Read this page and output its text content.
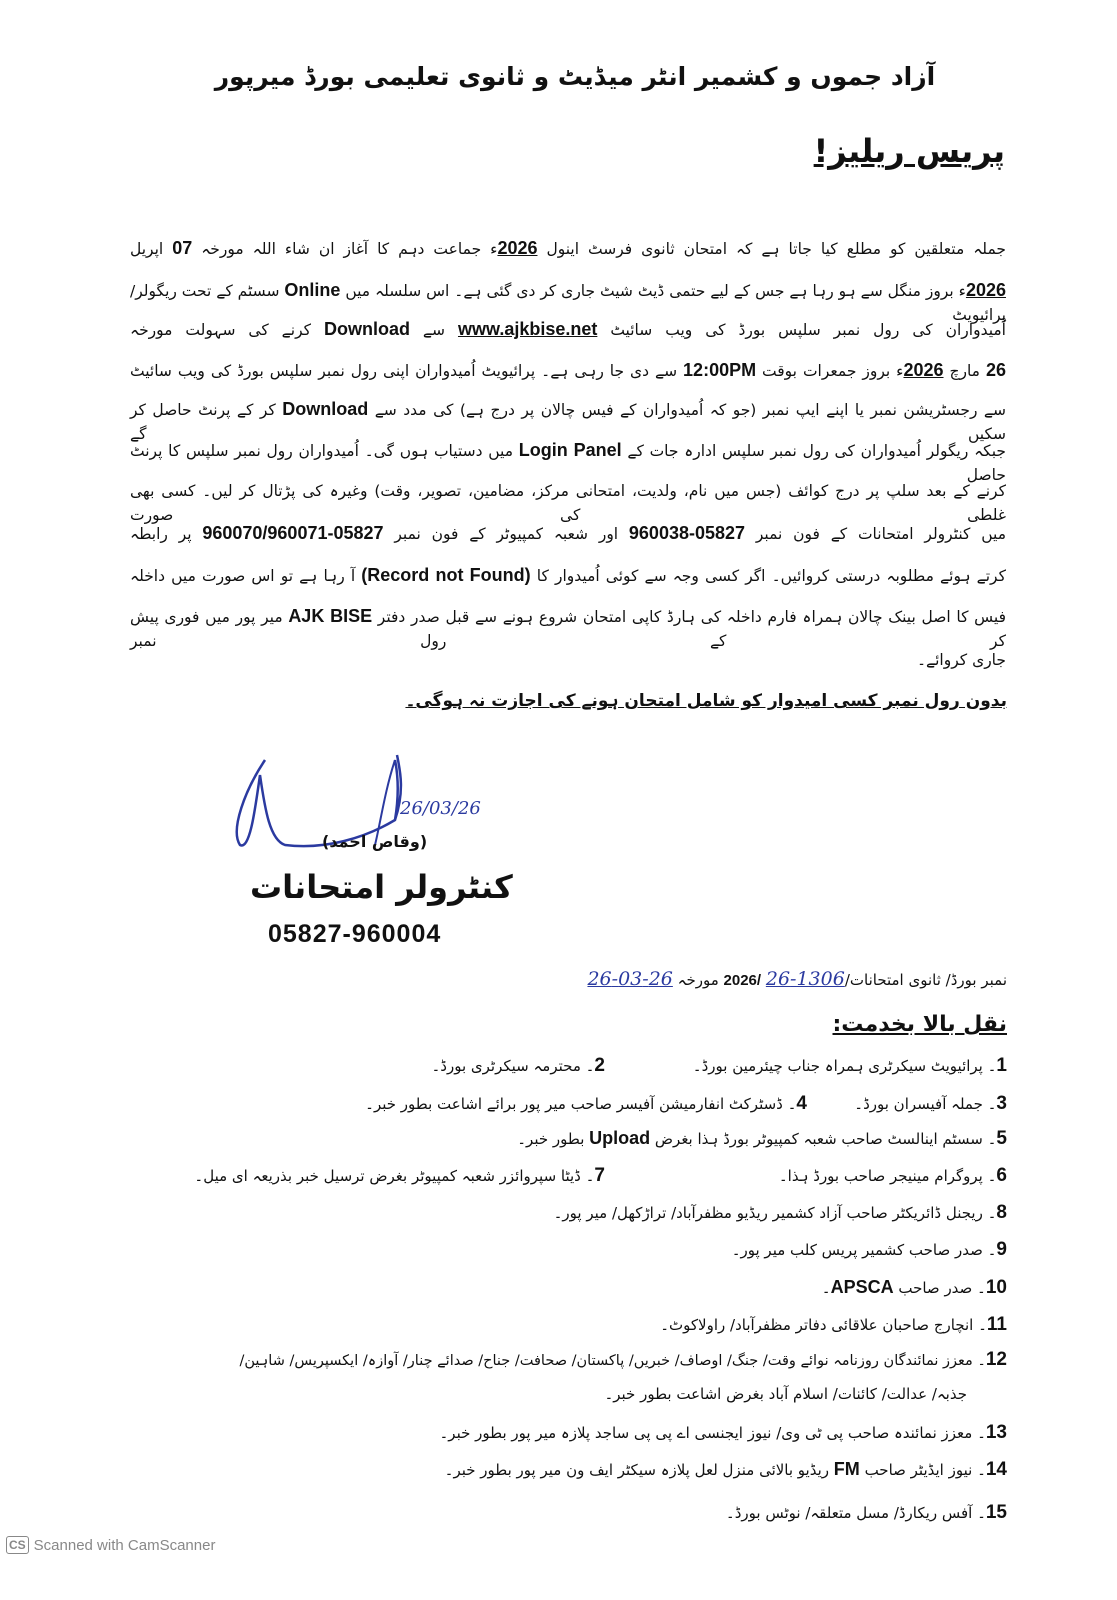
آزاد جموں و کشمیر انٹر میڈیٹ و ثانوی تعلیمی بورڈ میرپور
پریس ریلیز!
جملہ متعلقین کو مطلع کیا جاتا ہے کہ امتحان ثانوی فرسٹ اینول 2026ء جماعت دہم کا آغاز ان شاء اللہ مورخہ 07 اپریل
2026ء بروز منگل سے ہو رہا ہے جس کے لیے حتمی ڈیٹ شیٹ جاری کر دی گئی ہے۔ اس سلسلہ میں Online سسٹم کے تحت ریگولر/ پرائیویٹ
اُمیدواران کی رول نمبر سلپس بورڈ کی ویب سائیٹ www.ajkbise.net سے Download کرنے کی سہولت مورخہ
26 مارچ 2026ء بروز جمعرات بوقت 12:00PM سے دی جا رہی ہے۔ پرائیویٹ اُمیدواران اپنی رول نمبر سلپس بورڈ کی ویب سائیٹ
سے رجسٹریشن نمبر یا اپنے ایپ نمبر (جو کہ اُمیدواران کے فیس چالان پر درج ہے) کی مدد سے Download کر کے پرنٹ حاصل کر سکیں گے
جبکہ ریگولر اُمیدواران کی رول نمبر سلپس ادارہ جات کے Login Panel میں دستیاب ہوں گی۔ اُمیدواران رول نمبر سلپس کا پرنٹ حاصل
کرنے کے بعد سلپ پر درج کوائف (جس میں نام، ولدیت، امتحانی مرکز، مضامین، تصویر، وقت) وغیرہ کی پڑتال کر لیں۔ کسی بھی غلطی کی صورت
میں کنٹرولر امتحانات کے فون نمبر 05827-960038 اور شعبہ کمپیوٹر کے فون نمبر 05827-960070/960071 پر رابطہ
کرتے ہوئے مطلوبہ درستی کروائیں۔ اگر کسی وجہ سے کوئی اُمیدوار کا (Record not Found) آ رہا ہے تو اس صورت میں داخلہ
فیس کا اصل بینک چالان ہمراہ فارم داخلہ کی ہارڈ کاپی امتحان شروع ہونے سے قبل صدر دفتر AJK BISE میر پور میں فوری پیش کر کے رول نمبر
جاری کروائے۔
بدون رول نمبر کسی امیدوار کو شامل امتحان ہونے کی اجازت نہ ہوگی۔
26/03/26
(وقاص احمد)
کنٹرولر امتحانات
05827-960004
نمبر بورڈ/ ثانوی امتحانات/1306-26 /2026 مورخہ 26-03-26
نقل بالا بخدمت:
1۔ پرائیویٹ سیکرٹری ہمراہ جناب چیئرمین بورڈ۔
2۔ محترمہ سیکرٹری بورڈ۔
3۔ جملہ آفیسران بورڈ۔
4۔ ڈسٹرکٹ انفارمیشن آفیسر صاحب میر پور برائے اشاعت بطور خبر۔
5۔ سسٹم اینالسٹ صاحب شعبہ کمپیوٹر بورڈ ہذا بغرض Upload بطور خبر۔
6۔ پروگرام مینیجر صاحب بورڈ ہذا۔
7۔ ڈیٹا سپروائزر شعبہ کمپیوٹر بغرض ترسیل خبر بذریعہ ای میل۔
8۔ ریجنل ڈائریکٹر صاحب آزاد کشمیر ریڈیو مظفرآباد/ تراڑکھل/ میر پور۔
9۔ صدر صاحب کشمیر پریس کلب میر پور۔
10۔ صدر صاحب APSCA۔
11۔ انچارج صاحبان علاقائی دفاتر مظفرآباد/ راولاکوٹ۔
12۔ معزز نمائندگان روزنامہ نوائے وقت/ جنگ/ اوصاف/ خبریں/ پاکستان/ صحافت/ جناح/ صدائے چنار/ آوازہ/ ایکسپریس/ شاہین/
جذبہ/ عدالت/ کائنات/ اسلام آباد بغرض اشاعت بطور خبر۔
13۔ معزز نمائندہ صاحب پی ٹی وی/ نیوز ایجنسی اے پی پی ساجد پلازہ میر پور بطور خبر۔
14۔ نیوز ایڈیٹر صاحب FM ریڈیو بالائی منزل لعل پلازہ سیکٹر ایف ون میر پور بطور خبر۔
15۔ آفس ریکارڈ/ مسل متعلقہ/ نوٹس بورڈ۔
CS Scanned with CamScanner
